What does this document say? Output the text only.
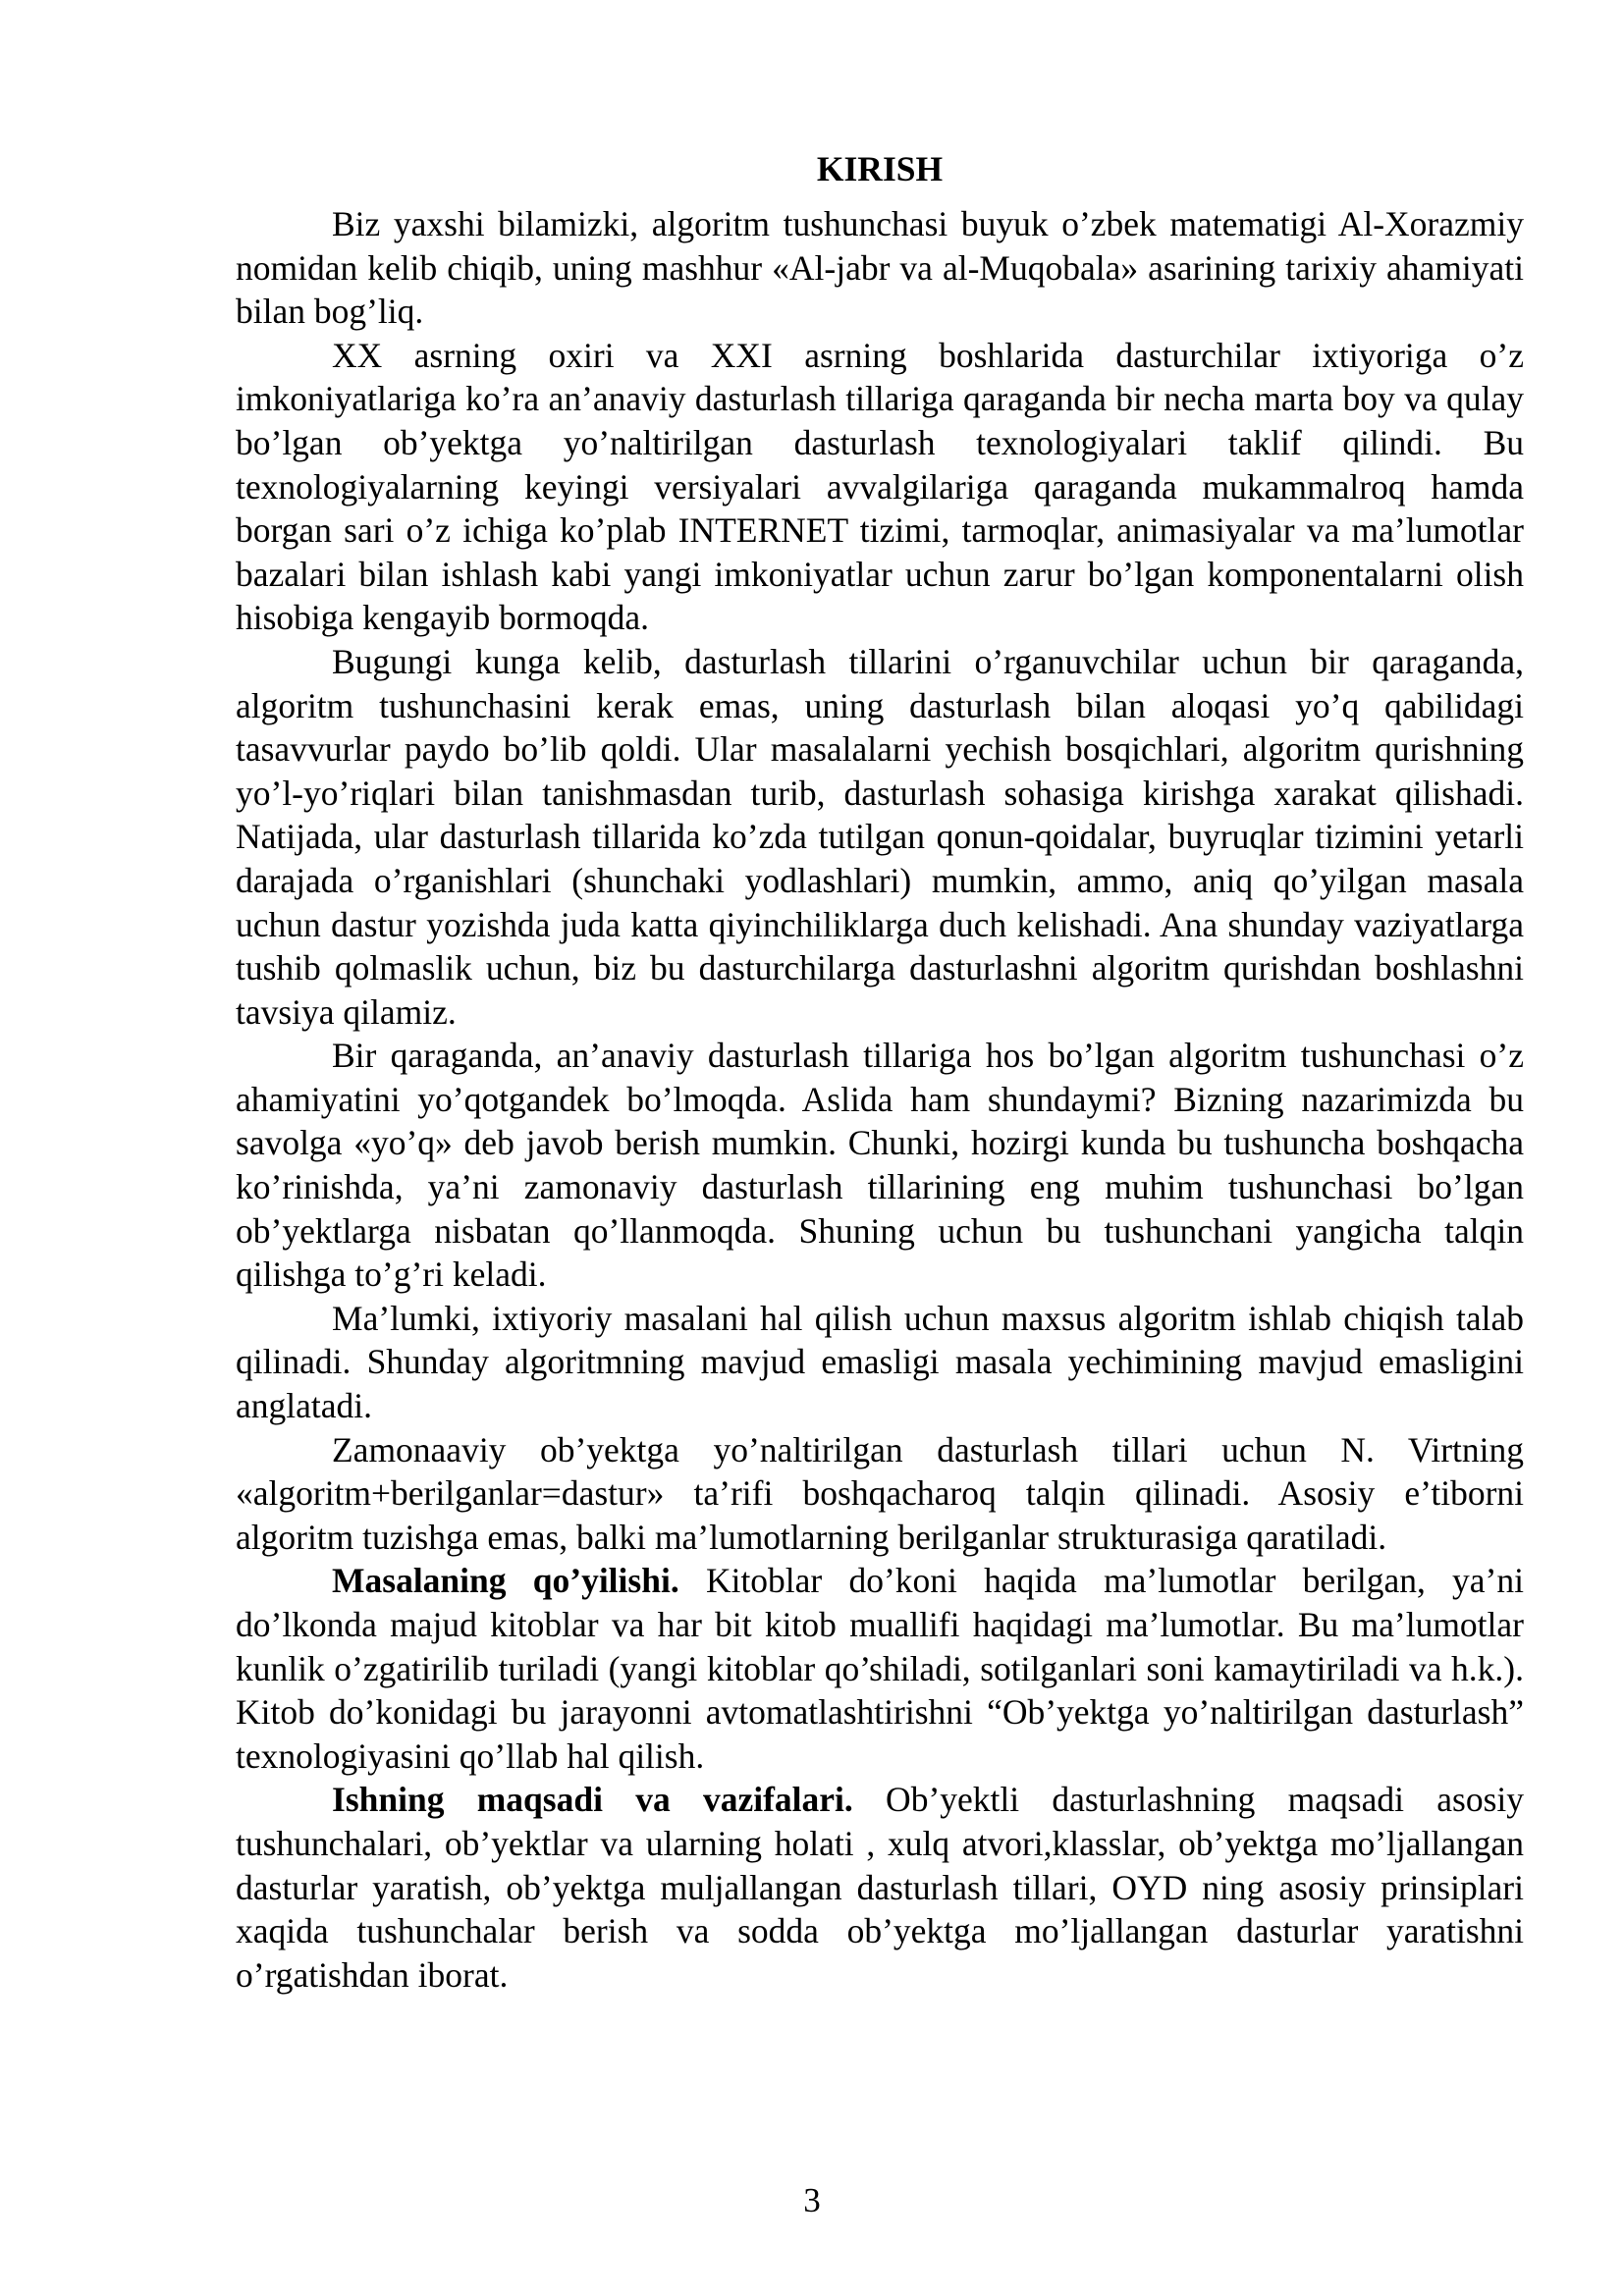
KIRISH

Biz yaxshi bilamizki, algoritm tushunchasi buyuk o’zbek matematigi Al-Xorazmiy nomidan kelib chiqib, uning mashhur «Al-jabr va al-Muqobala» asarining tarixiy ahamiyati bilan bog’liq.

XX asrning oxiri va XXI asrning boshlarida dasturchilar ixtiyoriga o’z imkoniyatlariga ko’ra an’anaviy dasturlash tillariga qaraganda bir necha marta boy va qulay bo’lgan ob’yektga yo’naltirilgan dasturlash texnologiyalari taklif qilindi. Bu texnologiyalarning keyingi versiyalari avvalgilariga qaraganda mukammalroq hamda borgan sari o’z ichiga ko’plab INTERNET tizimi, tarmoqlar, animasiyalar va ma’lumotlar bazalari bilan ishlash kabi yangi imkoniyatlar uchun zarur bo’lgan komponentalarni olish hisobiga kengayib bormoqda.

Bugungi kunga kelib, dasturlash tillarini o’rganuvchilar uchun bir qaraganda, algoritm tushunchasini kerak emas, uning dasturlash bilan aloqasi yo’q qabilidagi tasavvurlar paydo bo’lib qoldi. Ular masalalarni yechish bosqichlari, algoritm qurishning yo’l-yo’riqlari bilan tanishmasdan turib, dasturlash sohasiga kirishga xarakat qilishadi. Natijada, ular dasturlash tillarida ko’zda tutilgan qonun-qoidalar, buyruqlar tizimini yetarli darajada o’rganishlari (shunchaki yodlashlari) mumkin, ammo, aniq qo’yilgan masala uchun dastur yozishda juda katta qiyinchiliklarga duch kelishadi. Ana shunday vaziyatlarga tushib qolmaslik uchun, biz bu dasturchilarga dasturlashni algoritm qurishdan boshlashni tavsiya qilamiz.

Bir qaraganda, an’anaviy dasturlash tillariga hos bo’lgan algoritm tushunchasi o’z ahamiyatini yo’qotgandek bo’lmoqda. Aslida ham shundaymi? Bizning nazarimizda bu savolga «yo’q» deb javob berish mumkin. Chunki, hozirgi kunda bu tushuncha boshqacha ko’rinishda, ya’ni zamonaviy dasturlash tillarining eng muhim tushunchasi bo’lgan ob’yektlarga nisbatan qo’llanmoqda. Shuning uchun bu tushunchani yangicha talqin qilishga to’g’ri keladi.

Ma’lumki, ixtiyoriy masalani hal qilish uchun maxsus algoritm ishlab chiqish talab qilinadi. Shunday algoritmning mavjud emasligi masala yechimining mavjud emasligini anglatadi.

Zamonaaviy ob’yektga yo’naltirilgan dasturlash tillari uchun N. Virtning «algoritm+berilganlar=dastur» ta’rifi boshqacharoq talqin qilinadi. Asosiy e’tiborni algoritm tuzishga emas, balki ma’lumotlarning berilganlar strukturasiga qaratiladi.

Masalaning qo’yilishi. Kitoblar do’koni haqida ma’lumotlar berilgan, ya’ni do’lkonda majud kitoblar va har bit kitob muallifi haqidagi ma’lumotlar. Bu ma’lumotlar kunlik o’zgatirilib turiladi (yangi kitoblar qo’shiladi, sotilganlari soni kamaytiriladi va h.k.). Kitob do’konidagi bu jarayonni avtomatlashtirishni “Ob’yektga yo’naltirilgan dasturlash” texnologiyasini qo’llab hal qilish.

Ishning maqsadi va vazifalari. Ob’yektli dasturlashning maqsadi asosiy tushunchalari, ob’yektlar va ularning holati , xulq atvori,klasslar, ob’yektga mo’ljallangan dasturlar yaratish, ob’yektga muljallangan dasturlash tillari, OYD ning asosiy prinsiplari xaqida tushunchalar berish va sodda ob’yektga mo’ljallangan dasturlar yaratishni o’rgatishdan iborat.

3
